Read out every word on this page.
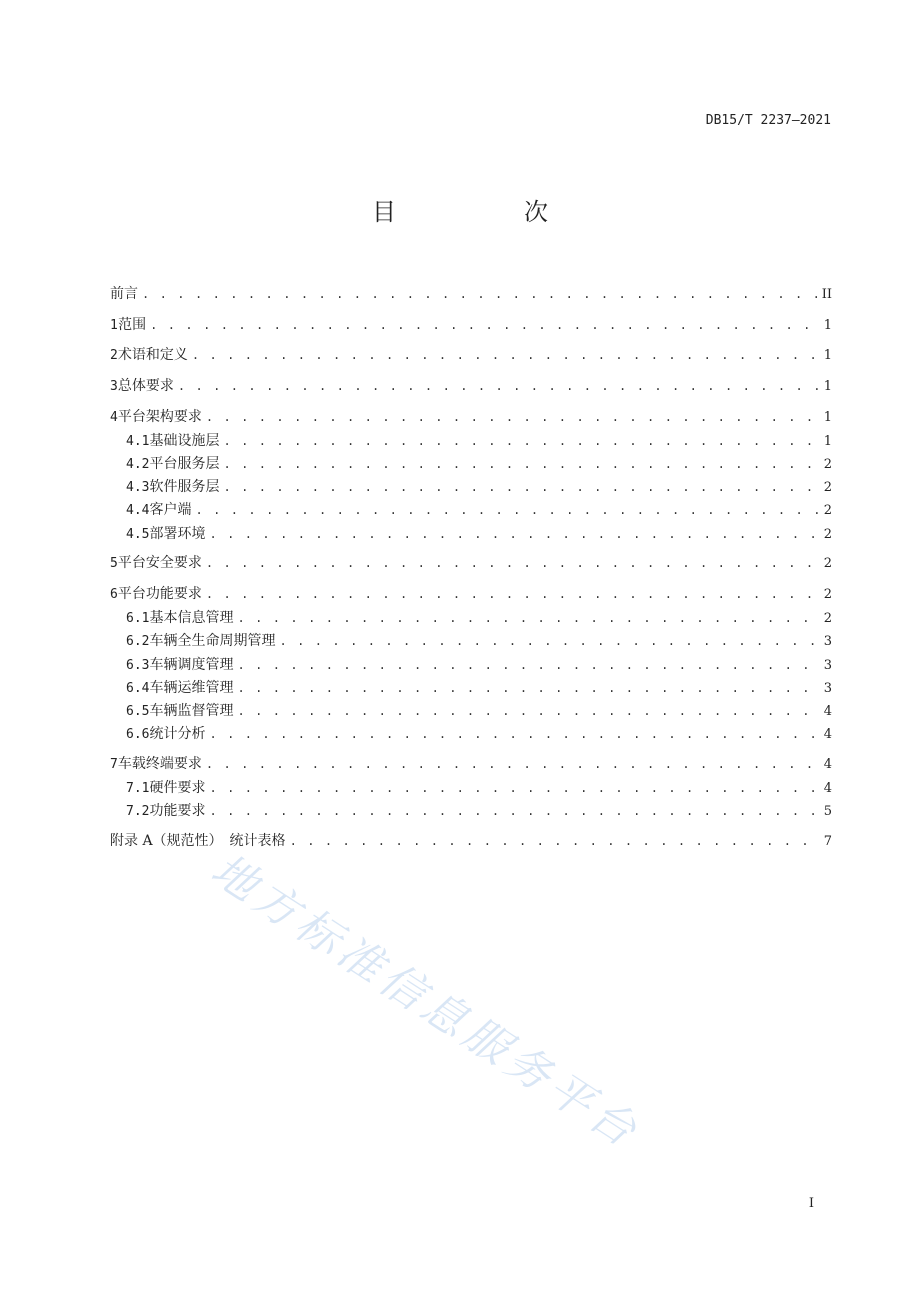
DB15/T 2237—2021
目　次
前言 . . .	II
1 范围 . . .	1
2 术语和定义 . . .	1
3 总体要求 . . .	1
4 平台架构要求 . . .	1
4.1 基础设施层 . . .	1
4.2 平台服务层 . . .	2
4.3 软件服务层 . . .	2
4.4 客户端 . . .	2
4.5 部署环境 . . .	2
5 平台安全要求 . . .	2
6 平台功能要求 . . .	2
6.1 基本信息管理 . . .	2
6.2 车辆全生命周期管理 . . .	3
6.3 车辆调度管理 . . .	3
6.4 车辆运维管理 . . .	3
6.5 车辆监督管理 . . .	4
6.6 统计分析 . . .	4
7 车载终端要求 . . .	4
7.1 硬件要求 . . .	4
7.2 功能要求 . . .	5
附录 A（规范性）　统计表格 . . .	7
地方标准信息服务平台
I
